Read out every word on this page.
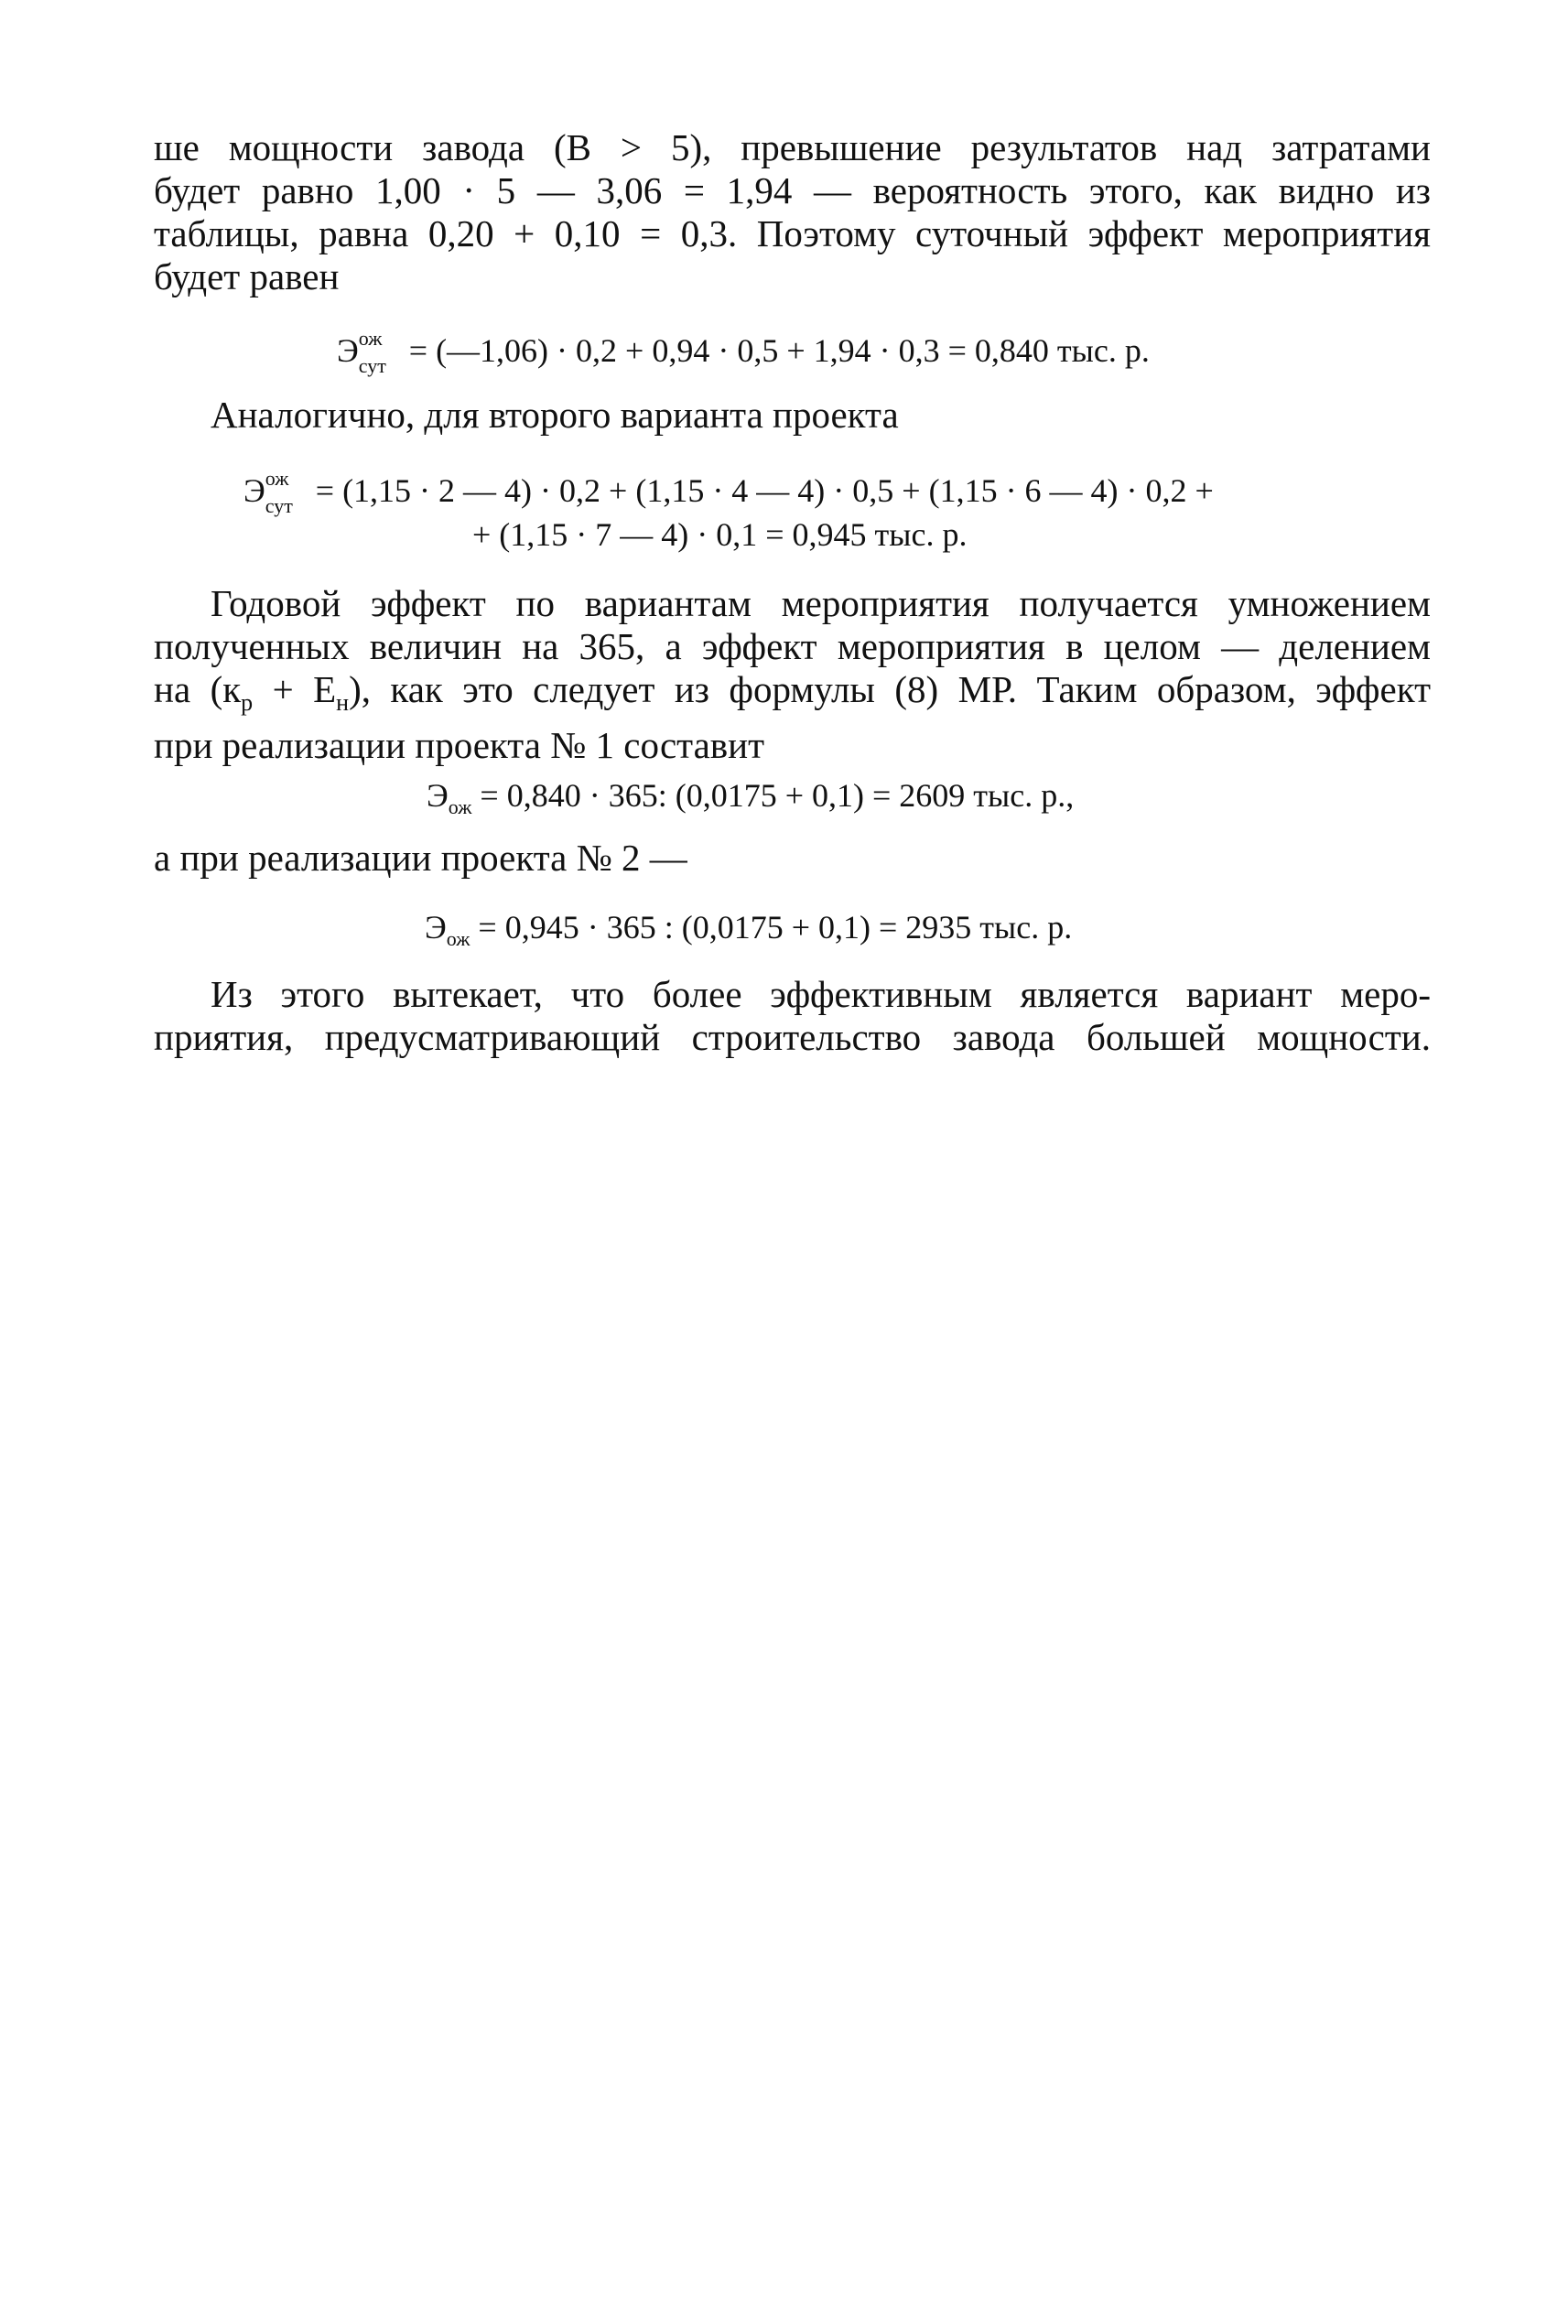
ше мощности завода (В > 5), превышение результатов над затратами
будет равно 1,00 · 5 — 3,06 = 1,94 — вероятность этого, как видно из
таблицы, равна 0,20 + 0,10 = 0,3. Поэтому суточный эффект мероприятия
будет равен
Э ож
сут = (—1,06) · 0,2 + 0,94 · 0,5 + 1,94 · 0,3 = 0,840 тыс. р.
Аналогично, для второго варианта проекта
Э ож
сут = (1,15 · 2 — 4) · 0,2 + (1,15 · 4 — 4) · 0,5 + (1,15 · 6 — 4) · 0,2 +
+ (1,15 · 7 — 4) · 0,1 = 0,945 тыс. р.
Годовой эффект по вариантам мероприятия получается умножением
полученных величин на 365, а эффект мероприятия в целом — делением
на $(к_р + Е_н)$, как это следует из формулы (8) МР. Таким образом, эффект
при реализации проекта № 1 составит
$Э_{ож} = 0,840 \cdot 365$: (0,0175 + 0,1) = 2609 тыс. р.,
а при реализации проекта № 2 —
$Э_{ож} = 0,945 \cdot 365$ : (0,0175 + 0,1) = 2935 тыс. р.
Из этого вытекает, что более эффективным является вариант меро-
приятия, предусматривающий строительство завода большей мощности.
